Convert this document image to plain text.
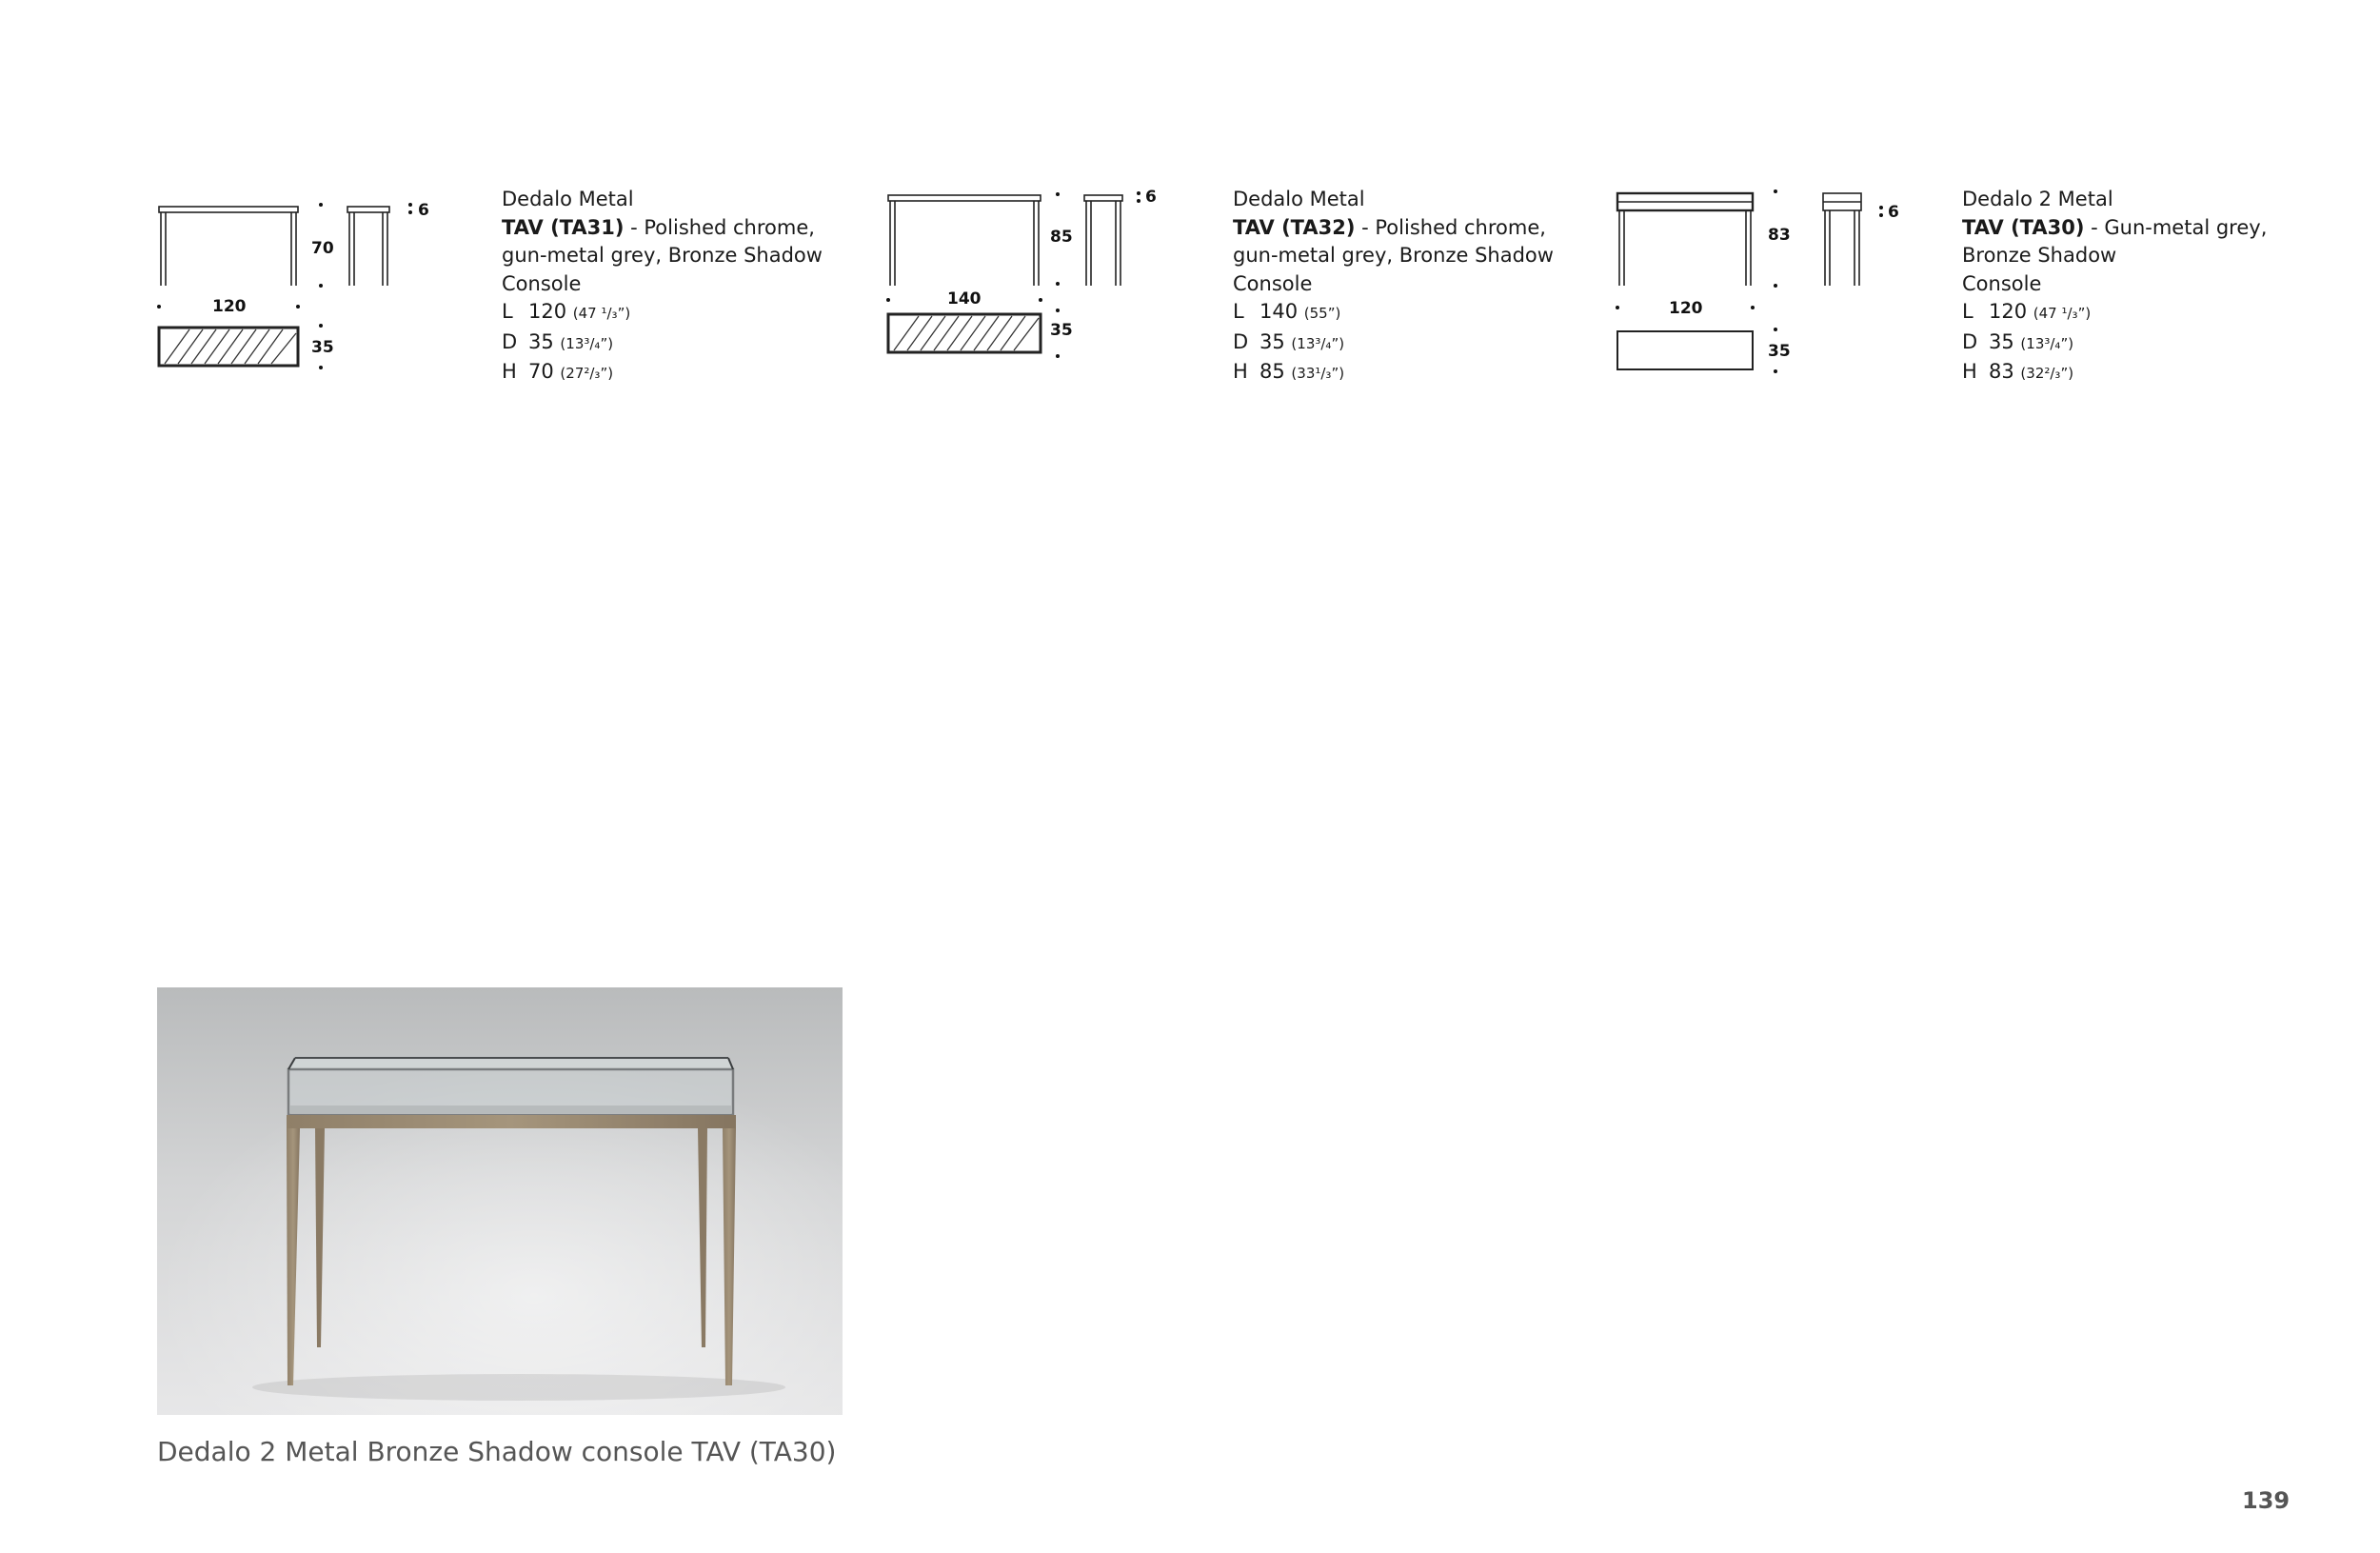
70
120
35
6	Dedalo Metal
TAV (TA31) - Polished chrome,
gun-metal grey, Bronze Shadow
Console
L 120 (47 ¹/₃”)
D 35 (13³/₄”)
H 70 (27²/₃”)
85
140
35
6	Dedalo Metal
TAV (TA32) - Polished chrome,
gun-metal grey, Bronze Shadow
Console
L 140 (55”)
D 35 (13³/₄”)
H 85 (33¹/₃”)
83
120
35
6
Dedalo 2 Metal
TAV (TA30) - Gun-metal grey,
Bronze Shadow
Console
L 120 (47 ¹/₃”)
D 35 (13³/₄”)
H 83 (32²/₃”)
Dedalo 2 Metal Bronze Shadow console TAV (TA30)
139
